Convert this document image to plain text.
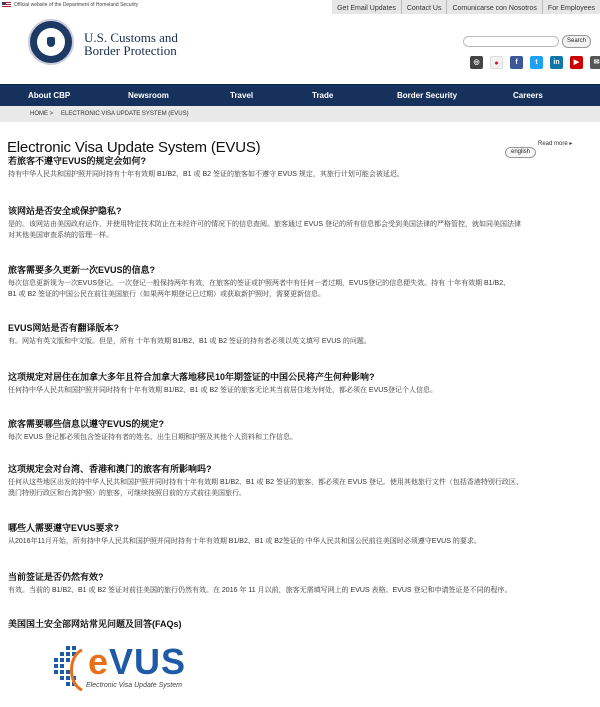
Official website of the Department of Homeland Security	Get Email Updates	Contact Us	Comunicarse con Nosotros	For Employees
U.S. Customs and
Border Protection
Search
◎	●	f	t	in	▶	✉
About CBP	Newsroom	Travel	Trade	Border Security	Careers
HOME > ELECTRONIC VISA UPDATE SYSTEM (EVUS)
Electronic Visa Update System (EVUS)	Read more ▸
english
若旅客不遵守EVUS的规定会如何?
持有中华人民共和国护照并同时持有十年有效期 B1/B2、B1 或 B2 签证的旅客如不遵守 EVUS 规定，其旅行计划可能会被延迟。
该网站是否安全或保护隐私?
是的。该网站由美国政府运作，并使用特定技术防止在未经许可的情况下的信息查阅。旅客通过 EVUS 登记的所有信息都会受到美国法律的严格管控，就如同美国法律
对其他美国审查系统的管理一样。
旅客需要多久更新一次EVUS的信息?
每次信息更新视为一次EVUS登记。一次登记一般保持两年有效，在旅客的签证或护照两者中有任何一者过期，EVUS登记的信息便失效。持有 十年有效期 B1/B2、
B1 或 B2 签证的中国公民在前往美国旅行（如果两年期登记已过期）或获取新护照时，需要更新信息。
EVUS网站是否有翻译版本?
有。网站有英文版和中文版。但是，所有 十年有效期 B1/B2、B1 或 B2 签证的持有者必须以英文填写 EVUS 的问题。
这项规定对居住在加拿大多年且符合加拿大落地移民10年期签证的中国公民将产生何种影响?
任何持中华人民共和国护照并同时持有十年有效期 B1/B2、B1 或 B2 签证的旅客无论其当前居住地为何处，都必须在 EVUS登记个人信息。
旅客需要哪些信息以遵守EVUS的规定?
每次 EVUS 登记都必须包含签证持有者的姓名、出生日期和护照及其他个人资料和工作信息。
这项规定会对台湾、香港和澳门的旅客有所影响吗?
任何从这些地区出发的持中华人民共和国护照并同时持有十年有效期 B1/B2、B1 或 B2 签证的旅客，都必须在 EVUS 登记。使用其他旅行文件（包括香港特别行政区、
澳门特别行政区和台湾护照）的旅客，可继续按照目前的方式前往美国旅行。
哪些人需要遵守EVUS要求?
从2016年11月开始，所有持中华人民共和国护照并同时持有十年有效期 B1/B2、B1 或 B2签证的 中华人民共和国公民前往美国时必须遵守EVUS 的要求。
当前签证是否仍然有效?
有效。当前的 B1/B2、B1 或 B2 签证对前往美国的旅行仍然有效。在 2016 年 11 月以前，旅客无需填写网上的 EVUS 表格。EVUS 登记和申请签证是不同的程序。
美国国土安全部网站常见问题及回答(FAQs)
eVUS
Electronic Visa Update System
